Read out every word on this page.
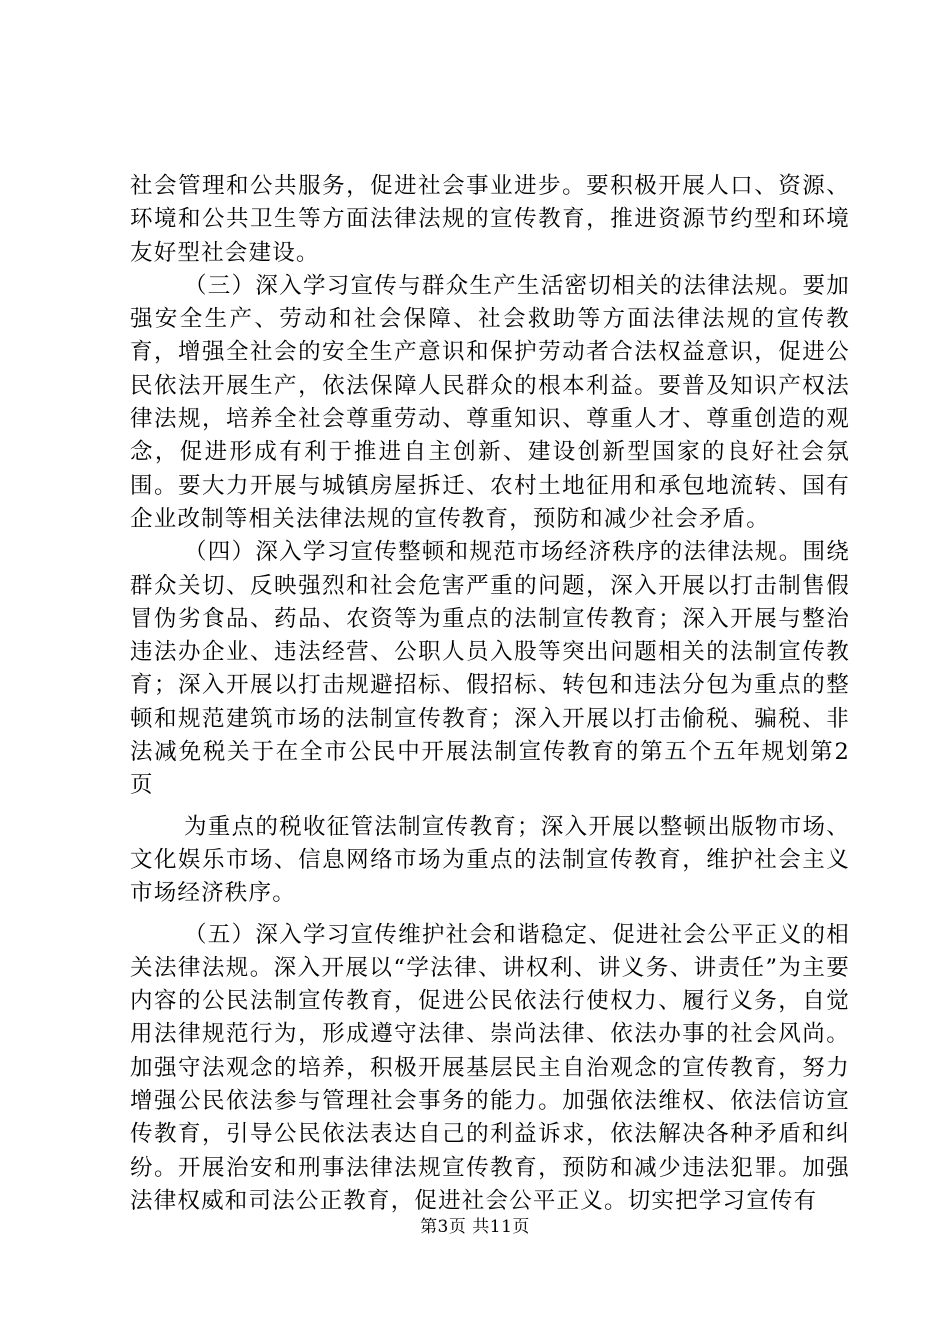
社会管理和公共服务，促进社会事业进步。要积极开展人口、资源、环境和公共卫生等方面法律法规的宣传教育，推进资源节约型和环境友好型社会建设。

（三）深入学习宣传与群众生产生活密切相关的法律法规。要加强安全生产、劳动和社会保障、社会救助等方面法律法规的宣传教育，增强全社会的安全生产意识和保护劳动者合法权益意识，促进公民依法开展生产，依法保障人民群众的根本利益。要普及知识产权法律法规，培养全社会尊重劳动、尊重知识、尊重人才、尊重创造的观念，促进形成有利于推进自主创新、建设创新型国家的良好社会氛围。要大力开展与城镇房屋拆迁、农村土地征用和承包地流转、国有企业改制等相关法律法规的宣传教育，预防和减少社会矛盾。

（四）深入学习宣传整顿和规范市场经济秩序的法律法规。围绕群众关切、反映强烈和社会危害严重的问题，深入开展以打击制售假冒伪劣食品、药品、农资等为重点的法制宣传教育；深入开展与整治违法办企业、违法经营、公职人员入股等突出问题相关的法制宣传教育；深入开展以打击规避招标、假招标、转包和违法分包为重点的整顿和规范建筑市场的法制宣传教育；深入开展以打击偷税、骗税、非法减免税关于在全市公民中开展法制宣传教育的第五个五年规划第2页

为重点的税收征管法制宣传教育；深入开展以整顿出版物市场、文化娱乐市场、信息网络市场为重点的法制宣传教育，维护社会主义市场经济秩序。

（五）深入学习宣传维护社会和谐稳定、促进社会公平正义的相关法律法规。深入开展以“学法律、讲权利、讲义务、讲责任”为主要内容的公民法制宣传教育，促进公民依法行使权力、履行义务，自觉用法律规范行为，形成遵守法律、崇尚法律、依法办事的社会风尚。加强守法观念的培养，积极开展基层民主自治观念的宣传教育，努力增强公民依法参与管理社会事务的能力。加强依法维权、依法信访宣传教育，引导公民依法表达自己的利益诉求，依法解决各种矛盾和纠纷。开展治安和刑事法律法规宣传教育，预防和减少违法犯罪。加强法律权威和司法公正教育，促进社会公平正义。切实把学习宣传有

第3页 共11页
